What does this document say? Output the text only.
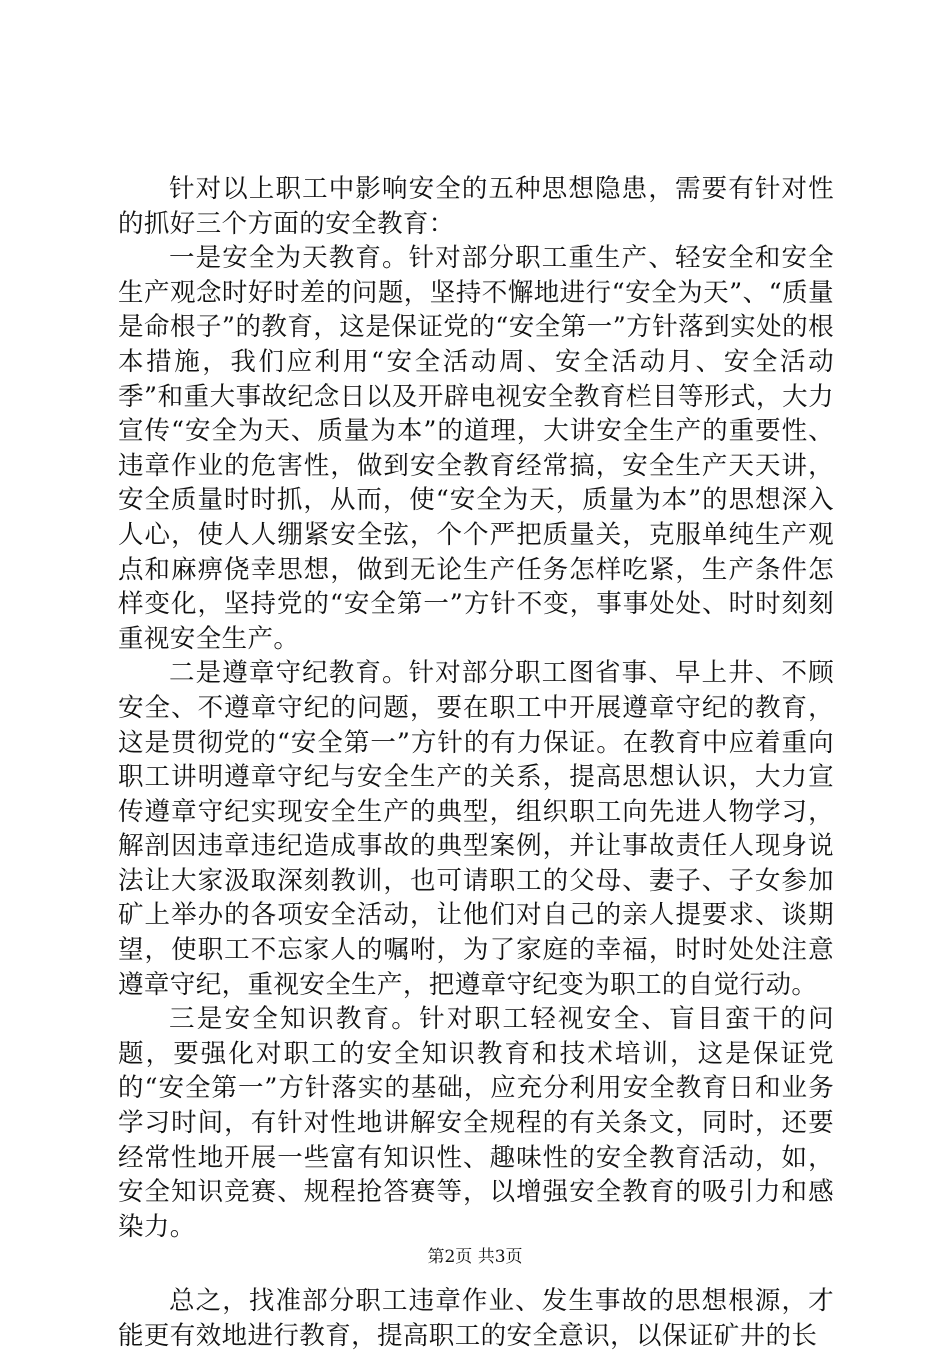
针对以上职工中影响安全的五种思想隐患，需要有针对性的抓好三个方面的安全教育：

一是安全为天教育。针对部分职工重生产、轻安全和安全生产观念时好时差的问题，坚持不懈地进行“安全为天”、“质量是命根子”的教育，这是保证党的“安全第一”方针落到实处的根本措施，我们应利用“安全活动周、安全活动月、安全活动季”和重大事故纪念日以及开辟电视安全教育栏目等形式，大力宣传“安全为天、质量为本”的道理，大讲安全生产的重要性、违章作业的危害性，做到安全教育经常搞，安全生产天天讲，安全质量时时抓，从而，使“安全为天，质量为本”的思想深入人心，使人人绷紧安全弦，个个严把质量关，克服单纯生产观点和麻痹侥幸思想，做到无论生产任务怎样吃紧，生产条件怎样变化，坚持党的“安全第一”方针不变，事事处处、时时刻刻重视安全生产。

二是遵章守纪教育。针对部分职工图省事、早上井、不顾安全、不遵章守纪的问题，要在职工中开展遵章守纪的教育，这是贯彻党的“安全第一”方针的有力保证。在教育中应着重向职工讲明遵章守纪与安全生产的关系，提高思想认识，大力宣传遵章守纪实现安全生产的典型，组织职工向先进人物学习，解剖因违章违纪造成事故的典型案例，并让事故责任人现身说法让大家汲取深刻教训，也可请职工的父母、妻子、子女参加矿上举办的各项安全活动，让他们对自己的亲人提要求、谈期望，使职工不忘家人的嘱咐，为了家庭的幸福，时时处处注意遵章守纪，重视安全生产，把遵章守纪变为职工的自觉行动。

三是安全知识教育。针对职工轻视安全、盲目蛮干的问题，要强化对职工的安全知识教育和技术培训，这是保证党的“安全第一”方针落实的基础，应充分利用安全教育日和业务学习时间，有针对性地讲解安全规程的有关条文，同时，还要经常性地开展一些富有知识性、趣味性的安全教育活动，如，安全知识竞赛、规程抢答赛等，以增强安全教育的吸引力和感染力。

总之，找准部分职工违章作业、发生事故的思想根源，才能更有效地进行教育，提高职工的安全意识，以保证矿井的长

第2页 共3页
